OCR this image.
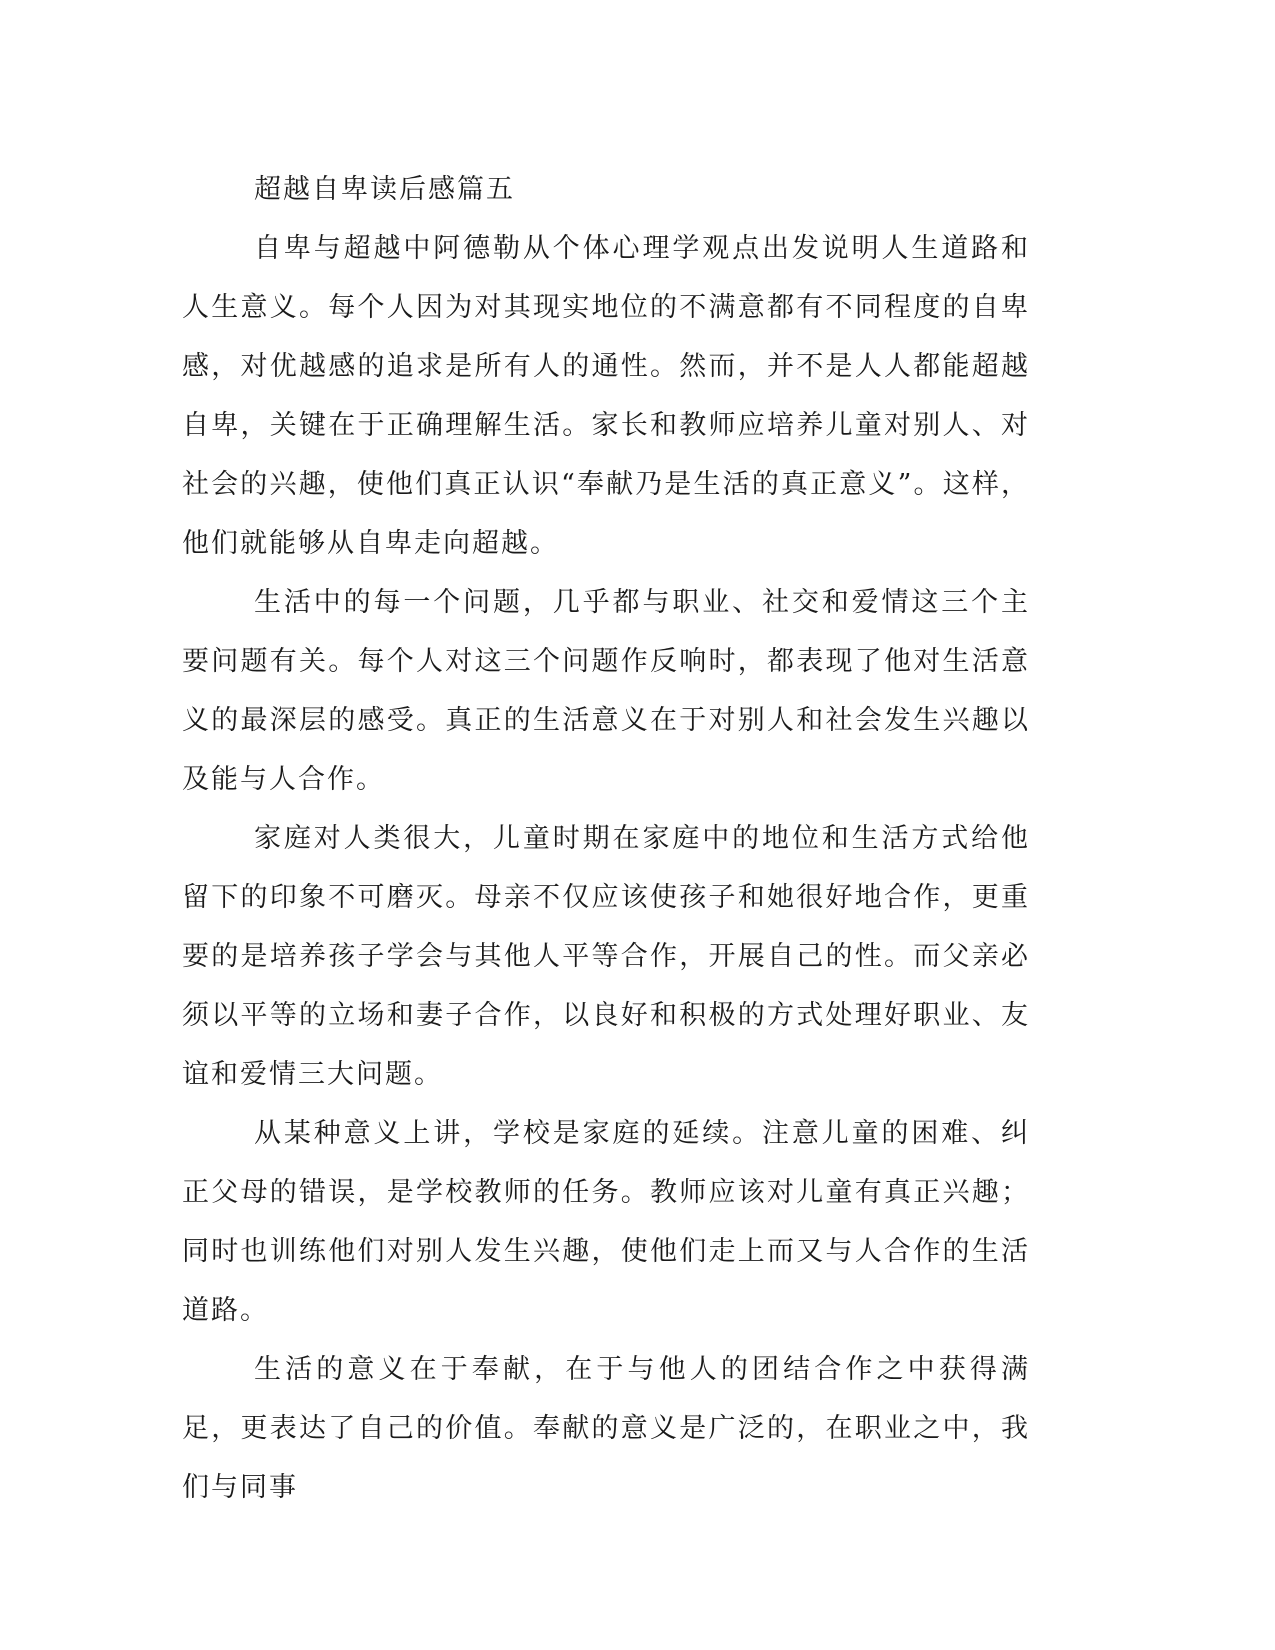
超越自卑读后感篇五

自卑与超越中阿德勒从个体心理学观点出发说明人生道路和人生意义。每个人因为对其现实地位的不满意都有不同程度的自卑感，对优越感的追求是所有人的通性。然而，并不是人人都能超越自卑，关键在于正确理解生活。家长和教师应培养儿童对别人、对社会的兴趣，使他们真正认识“奉献乃是生活的真正意义”。这样，他们就能够从自卑走向超越。

生活中的每一个问题，几乎都与职业、社交和爱情这三个主要问题有关。每个人对这三个问题作反响时，都表现了他对生活意义的最深层的感受。真正的生活意义在于对别人和社会发生兴趣以及能与人合作。

家庭对人类很大，儿童时期在家庭中的地位和生活方式给他留下的印象不可磨灭。母亲不仅应该使孩子和她很好地合作，更重要的是培养孩子学会与其他人平等合作，开展自己的性。而父亲必须以平等的立场和妻子合作，以良好和积极的方式处理好职业、友谊和爱情三大问题。

从某种意义上讲，学校是家庭的延续。注意儿童的困难、纠正父母的错误，是学校教师的任务。教师应该对儿童有真正兴趣；同时也训练他们对别人发生兴趣，使他们走上而又与人合作的生活道路。

生活的意义在于奉献，在于与他人的团结合作之中获得满足，更表达了自己的价值。奉献的意义是广泛的，在职业之中，我们与同事
